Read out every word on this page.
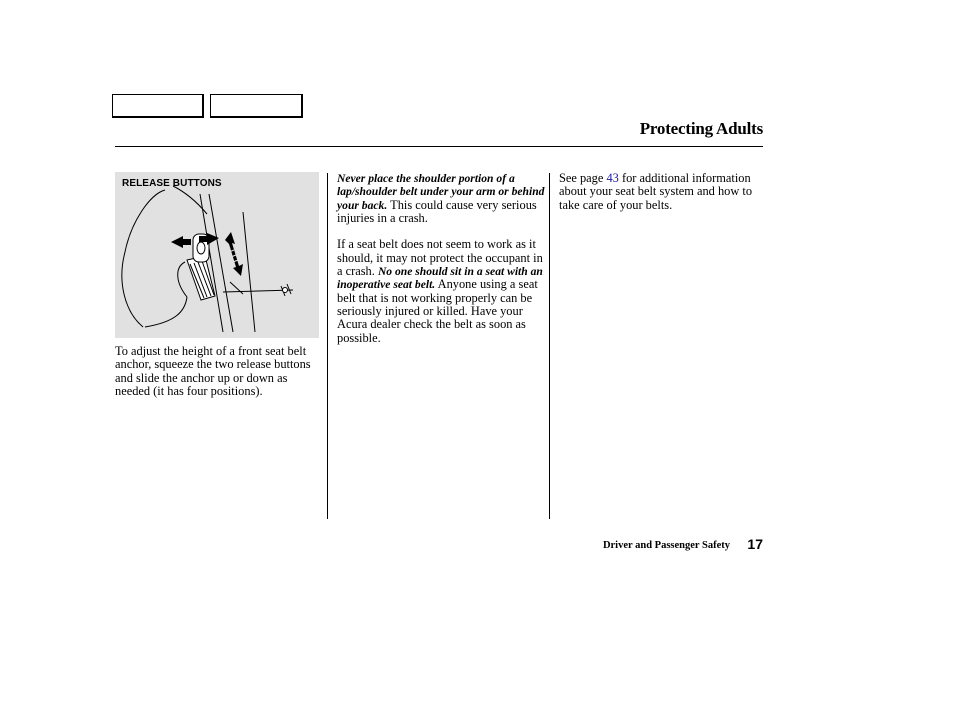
Protecting Adults
RELEASE BUTTONS

To adjust the height of a front seat belt anchor, squeeze the two release buttons and slide the anchor up or down as needed (it has four positions).

Never place the shoulder portion of a lap/shoulder belt under your arm or behind your back. This could cause very serious injuries in a crash.

If a seat belt does not seem to work as it should, it may not protect the occupant in a crash. No one should sit in a seat with an inoperative seat belt. Anyone using a seat belt that is not working properly can be seriously injured or killed. Have your Acura dealer check the belt as soon as possible.

See page 43 for additional information about your seat belt system and how to take care of your belts.

Driver and Passenger Safety	17
